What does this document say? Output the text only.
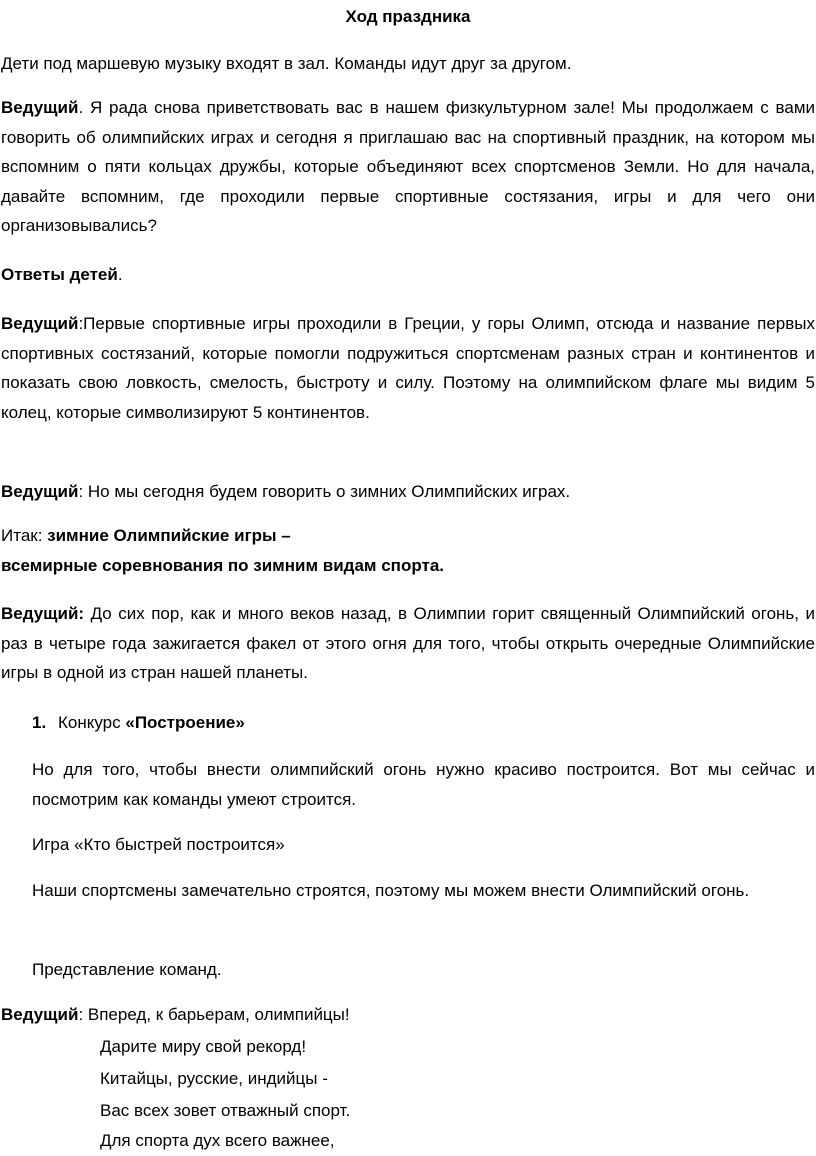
Ход праздника
Дети под маршевую музыку входят в зал. Команды идут друг за другом.
Ведущий. Я рада снова приветствовать вас в нашем физкультурном зале! Мы продолжаем с вами говорить об олимпийских играх и сегодня я приглашаю вас на спортивный праздник, на котором мы вспомним о пяти кольцах дружбы, которые объединяют всех спортсменов Земли. Но для начала, давайте вспомним, где проходили первые спортивные состязания, игры и для чего они организовывались?
Ответы детей.
Ведущий:Первые спортивные игры проходили в Греции, у горы Олимп, отсюда и название первых спортивных состязаний, которые помогли подружиться спортсменам разных стран и континентов и показать свою ловкость, смелость, быстроту и силу. Поэтому на олимпийском флаге мы видим 5 колец, которые символизируют 5 континентов.
Ведущий: Но мы сегодня будем говорить о зимних Олимпийских играх.
Итак: зимние Олимпийские игры –
всемирные соревнования по зимним видам спорта.
Ведущий: До сих пор, как и много веков назад, в Олимпии горит священный Олимпийский огонь, и раз в четыре года зажигается факел от этого огня для того, чтобы открыть очередные Олимпийские игры в одной из стран нашей планеты.
1. Конкурс «Построение»
Но для того, чтобы внести олимпийский огонь нужно красиво построится. Вот мы сейчас и посмотрим как команды умеют строится.
Игра «Кто быстрей построится»
Наши спортсмены замечательно строятся, поэтому мы можем внести Олимпийский огонь.
Представление команд.
Ведущий: Вперед, к барьерам, олимпийцы!
Дарите миру свой рекорд!
Китайцы, русские, индийцы -
Вас всех зовет отважный спорт.
Для спорта дух всего важнее,
